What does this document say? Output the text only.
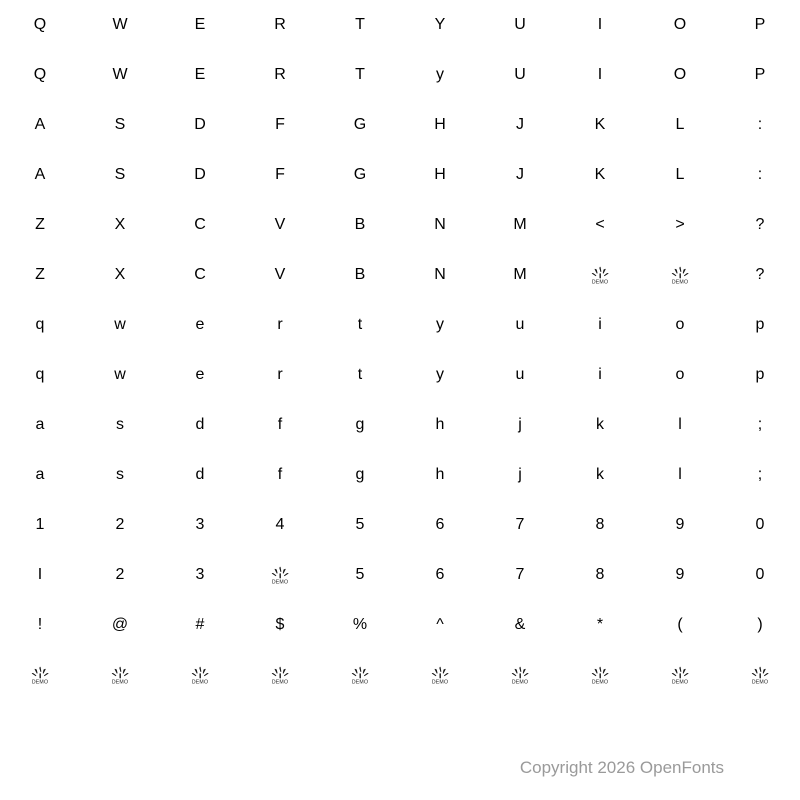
Q	W	E	R	T	Y	U	I	O	P
Q	W	E	R	T	y	U	I	O	P
A	S	D	F	G	H	J	K	L	:
A	S	D	F	G	H	J	K	L	:
Z	X	C	V	B	N	M	<	>	?
Z	X	C	V	B	N	M	DEMO	DEMO	?
q	w	e	r	t	y	u	i	o	p
q	w	e	r	t	y	u	i	o	p
a	s	d	f	g	h	j	k	l	;
a	s	d	f	g	h	j	k	l	;
1	2	3	4	5	6	7	8	9	0
I	2	3	DEMO	5	6	7	8	9	0
!	@	#	$	%	^	&	*	(	)
DEMO	DEMO	DEMO	DEMO	DEMO	DEMO	DEMO	DEMO	DEMO	DEMO
Copyright 2026 OpenFonts
